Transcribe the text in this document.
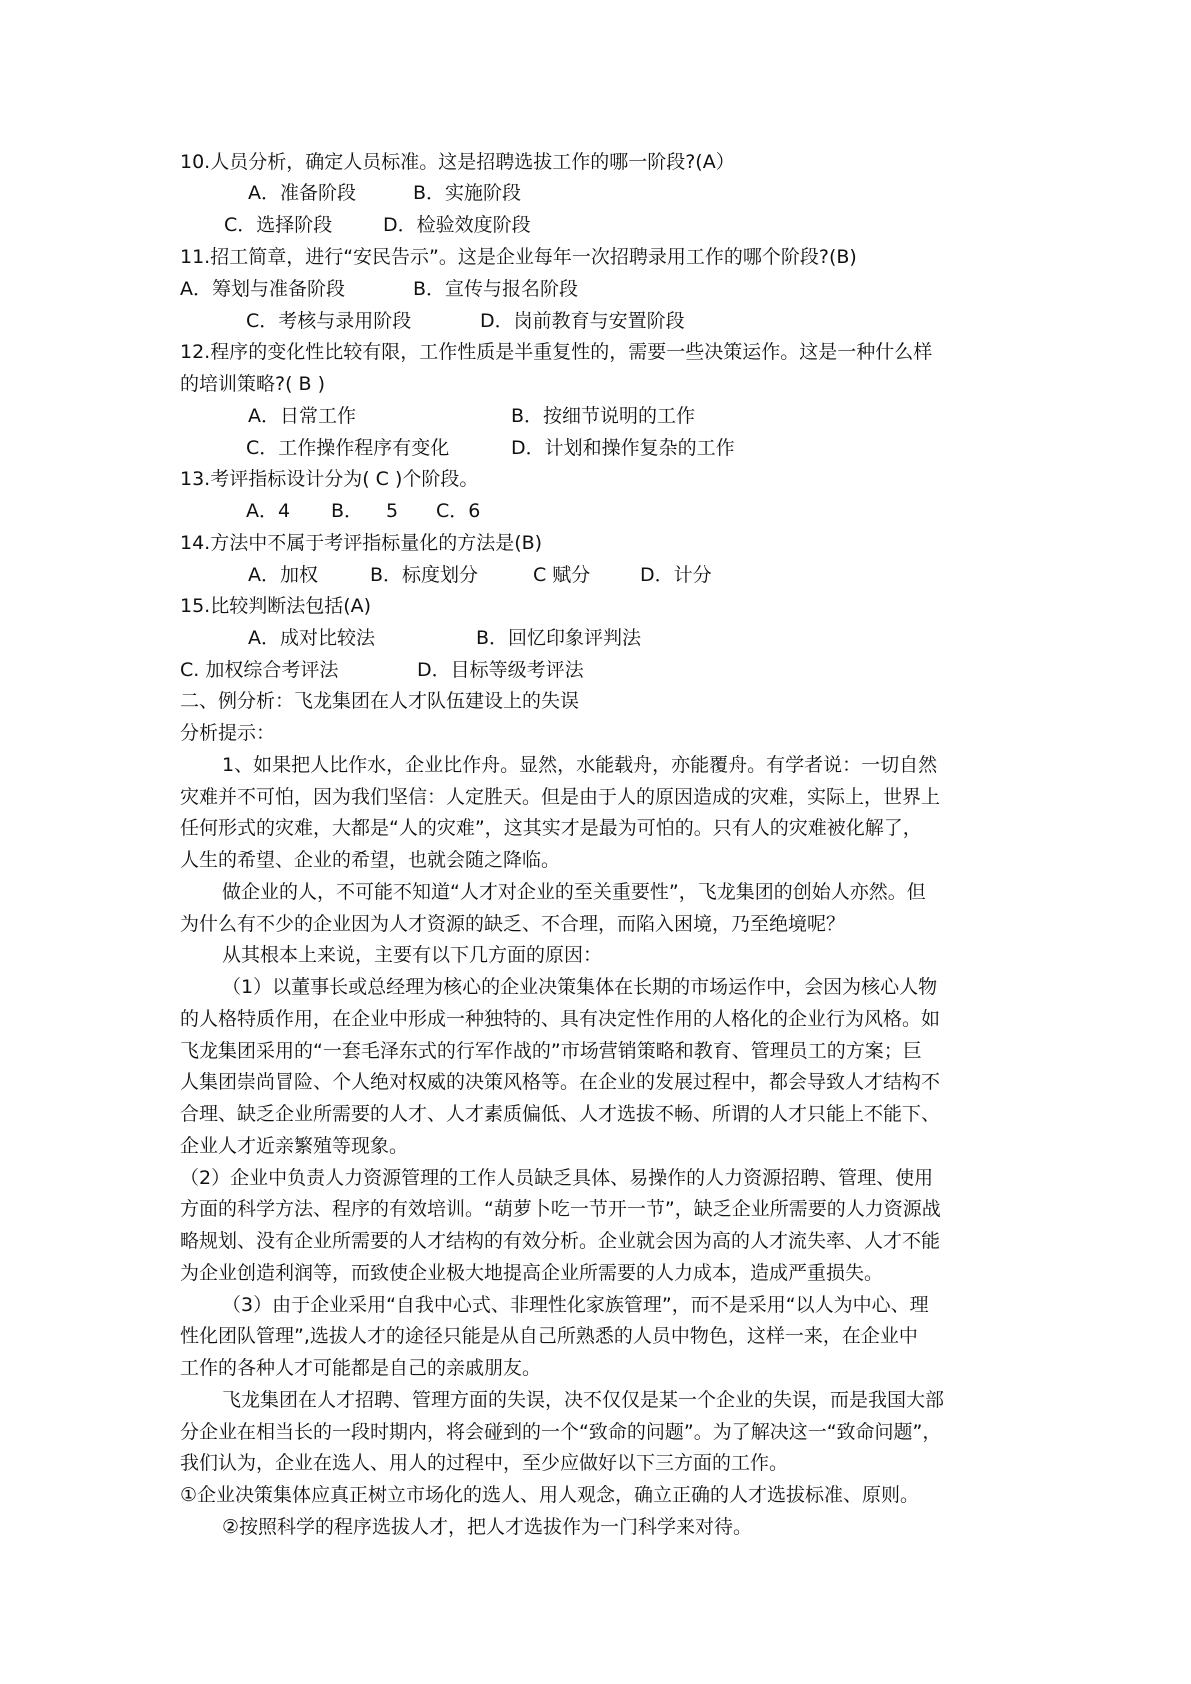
10.人员分析，确定人员标准。这是招聘选拔工作的哪一阶段?(A）
A．准备阶段	B．实施阶段
C．选择阶段	D．检验效度阶段
11.招工简章，进行“安民告示”。这是企业每年一次招聘录用工作的哪个阶段?(B)
A．筹划与准备阶段	B．宣传与报名阶段
C．考核与录用阶段	D．岗前教育与安置阶段
12.程序的变化性比较有限，工作性质是半重复性的，需要一些决策运作。这是一种什么样
的培训策略?( B )
A．日常工作	B．按细节说明的工作
C．工作操作程序有变化	D．计划和操作复杂的工作
13.考评指标设计分为( C )个阶段。
A．4 B． 5 C．6
14.方法中不属于考评指标量化的方法是(B)
A．加权	B．标度划分	C 赋分	D．计分
15.比较判断法包括(A)
A．成对比较法	B．回忆印象评判法
C. 加权综合考评法	D．目标等级考评法
二、例分析：飞龙集团在人才队伍建设上的失误
分析提示：
1、如果把人比作水，企业比作舟。显然，水能载舟，亦能覆舟。有学者说：一切自然
灾难并不可怕，因为我们坚信：人定胜天。但是由于人的原因造成的灾难，实际上，世界上
任何形式的灾难，大都是“人的灾难”，这其实才是最为可怕的。只有人的灾难被化解了，
人生的希望、企业的希望，也就会随之降临。
做企业的人，不可能不知道“人才对企业的至关重要性”，飞龙集团的创始人亦然。但
为什么有不少的企业因为人才资源的缺乏、不合理，而陷入困境，乃至绝境呢？
从其根本上来说，主要有以下几方面的原因：
（1）以董事长或总经理为核心的企业决策集体在长期的市场运作中，会因为核心人物
的人格特质作用，在企业中形成一种独特的、具有决定性作用的人格化的企业行为风格。如
飞龙集团采用的“一套毛泽东式的行军作战的”市场营销策略和教育、管理员工的方案；巨
人集团崇尚冒险、个人绝对权威的决策风格等。在企业的发展过程中，都会导致人才结构不
合理、缺乏企业所需要的人才、人才素质偏低、人才选拔不畅、所谓的人才只能上不能下、
企业人才近亲繁殖等现象。
（2）企业中负责人力资源管理的工作人员缺乏具体、易操作的人力资源招聘、管理、使用
方面的科学方法、程序的有效培训。“葫萝卜吃一节开一节”，缺乏企业所需要的人力资源战
略规划、没有企业所需要的人才结构的有效分析。企业就会因为高的人才流失率、人才不能
为企业创造利润等，而致使企业极大地提高企业所需要的人力成本，造成严重损失。
（3）由于企业采用“自我中心式、非理性化家族管理”，而不是采用“以人为中心、理
性化团队管理”,选拔人才的途径只能是从自己所熟悉的人员中物色，这样一来，在企业中
工作的各种人才可能都是自己的亲戚朋友。
飞龙集团在人才招聘、管理方面的失误，决不仅仅是某一个企业的失误，而是我国大部
分企业在相当长的一段时期内，将会碰到的一个“致命的问题”。为了解决这一“致命问题”，
我们认为，企业在选人、用人的过程中，至少应做好以下三方面的工作。
①企业决策集体应真正树立市场化的选人、用人观念，确立正确的人才选拔标准、原则。
②按照科学的程序选拔人才，把人才选拔作为一门科学来对待。
